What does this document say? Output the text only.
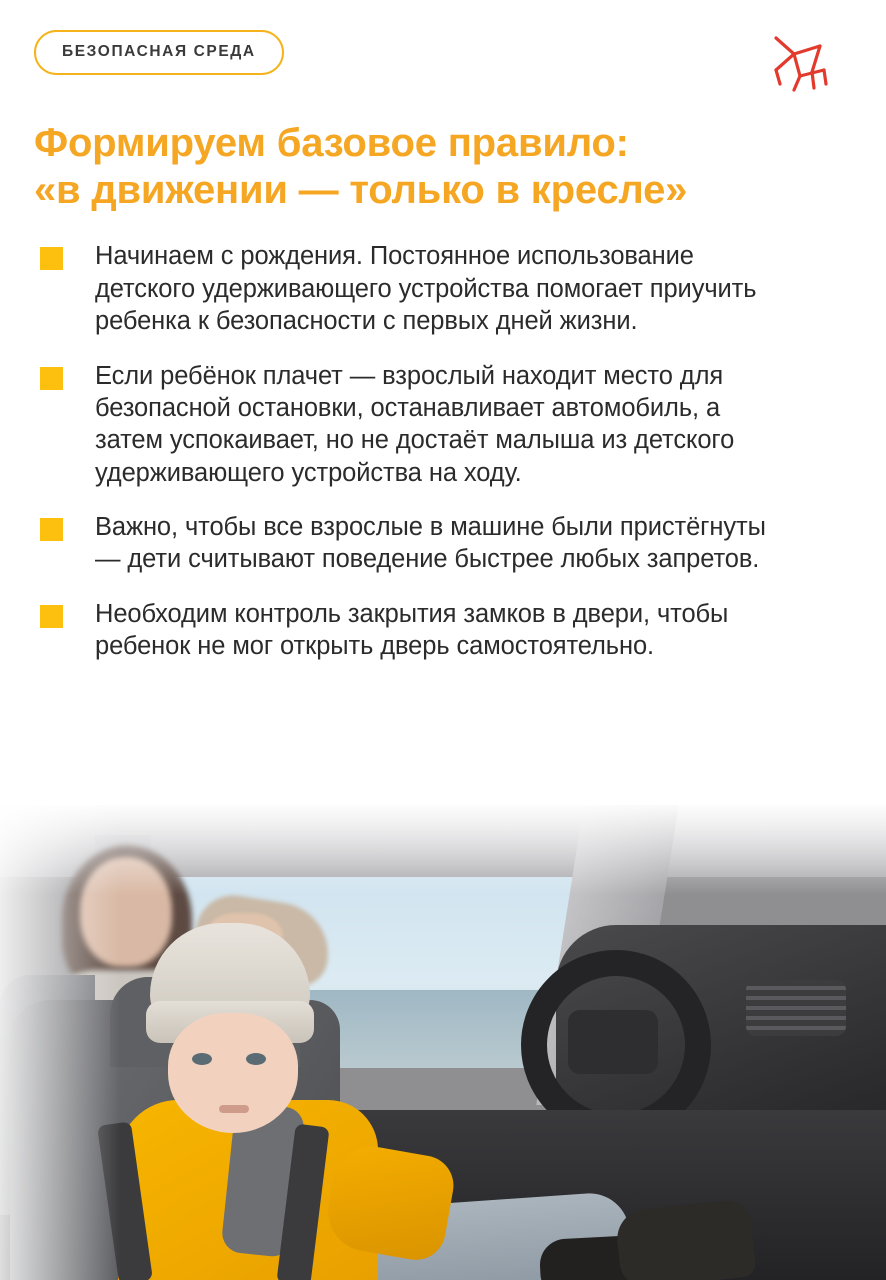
БЕЗОПАСНАЯ СРЕДА
Формируем базовое правило:
«в движении — только в кресле»
Начинаем с рождения. Постоянное использование детского удерживающего устройства помогает приучить ребенка к безопасности с первых дней жизни.
Если ребёнок плачет — взрослый находит место для безопасной остановки, останавливает автомобиль, а затем успокаивает, но не достаёт малыша из детского удерживающего устройства на ходу.
Важно, чтобы все взрослые в машине были пристёгнуты — дети считывают поведение быстрее любых запретов.
Необходим контроль закрытия замков в двери, чтобы ребенок не мог открыть дверь самостоятельно.
